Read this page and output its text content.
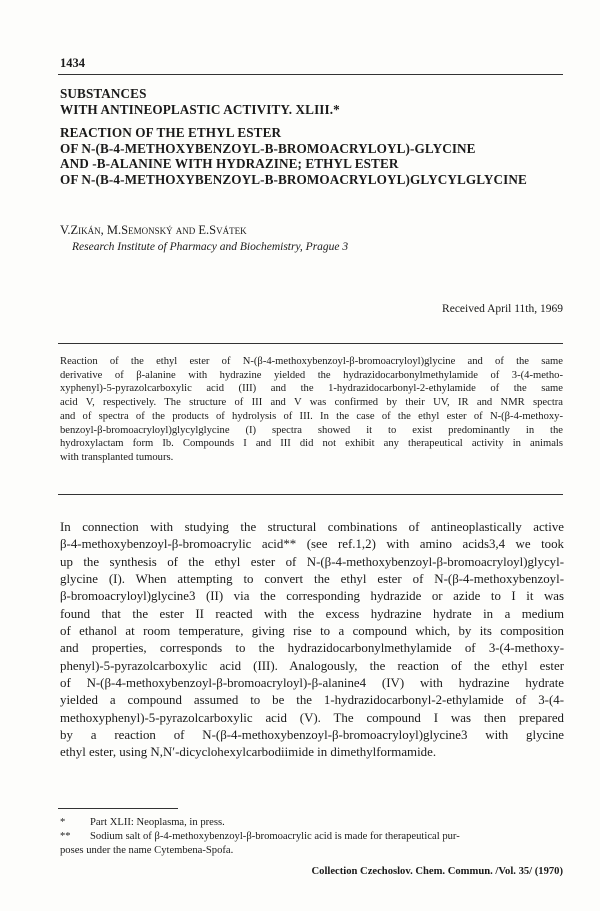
1434
SUBSTANCES
WITH ANTINEOPLASTIC ACTIVITY. XLIII.*
REACTION OF THE ETHYL ESTER
OF N-(Β-4-METHOXYBENZOYL-Β-BROMOACRYLOYL)-GLYCINE
AND -Β-ALANINE WITH HYDRAZINE; ETHYL ESTER
OF N-(Β-4-METHOXYBENZOYL-Β-BROMOACRYLOYL)GLYCYLGLYCINE
V.Zikán, M.Semonský and E.Svátek
Research Institute of Pharmacy and Biochemistry, Prague 3
Received April 11th, 1969
Reaction of the ethyl ester of N-(β-4-methoxybenzoyl-β-bromoacryloyl)glycine and of the same
derivative of β-alanine with hydrazine yielded the hydrazidocarbonylmethylamide of 3-(4-metho-
xyphenyl)-5-pyrazolcarboxylic acid (III) and the 1-hydrazidocarbonyl-2-ethylamide of the same
acid V, respectively. The structure of III and V was confirmed by their UV, IR and NMR spectra
and of spectra of the products of hydrolysis of III. In the case of the ethyl ester of N-(β-4-methoxy-
benzoyl-β-bromoacryloyl)glycylglycine (I) spectra showed it to exist predominantly in the
hydroxylactam form Ib. Compounds I and III did not exhibit any therapeutical activity in animals
with transplanted tumours.
In connection with studying the structural combinations of antineoplastically active
β-4-methoxybenzoyl-β-bromoacrylic acid** (see ref.1,2) with amino acids3,4 we took
up the synthesis of the ethyl ester of N-(β-4-methoxybenzoyl-β-bromoacryloyl)glycyl-
glycine (I). When attempting to convert the ethyl ester of N-(β-4-methoxybenzoyl-
β-bromoacryloyl)glycine3 (II) via the corresponding hydrazide or azide to I it was
found that the ester II reacted with the excess hydrazine hydrate in a medium
of ethanol at room temperature, giving rise to a compound which, by its composition
and properties, corresponds to the hydrazidocarbonylmethylamide of 3-(4-methoxy-
phenyl)-5-pyrazolcarboxylic acid (III). Analogously, the reaction of the ethyl ester
of N-(β-4-methoxybenzoyl-β-bromoacryloyl)-β-alanine4 (IV) with hydrazine hydrate
yielded a compound assumed to be the 1-hydrazidocarbonyl-2-ethylamide of 3-(4-
methoxyphenyl)-5-pyrazolcarboxylic acid (V). The compound I was then prepared
by a reaction of N-(β-4-methoxybenzoyl-β-bromoacryloyl)glycine3 with glycine
ethyl ester, using N,N′-dicyclohexylcarbodiimide in dimethylformamide.
* Part XLII: Neoplasma, in press.
** Sodium salt of β-4-methoxybenzoyl-β-bromoacrylic acid is made for therapeutical pur-
poses under the name Cytembena-Spofa.
Collection Czechoslov. Chem. Commun. /Vol. 35/ (1970)
